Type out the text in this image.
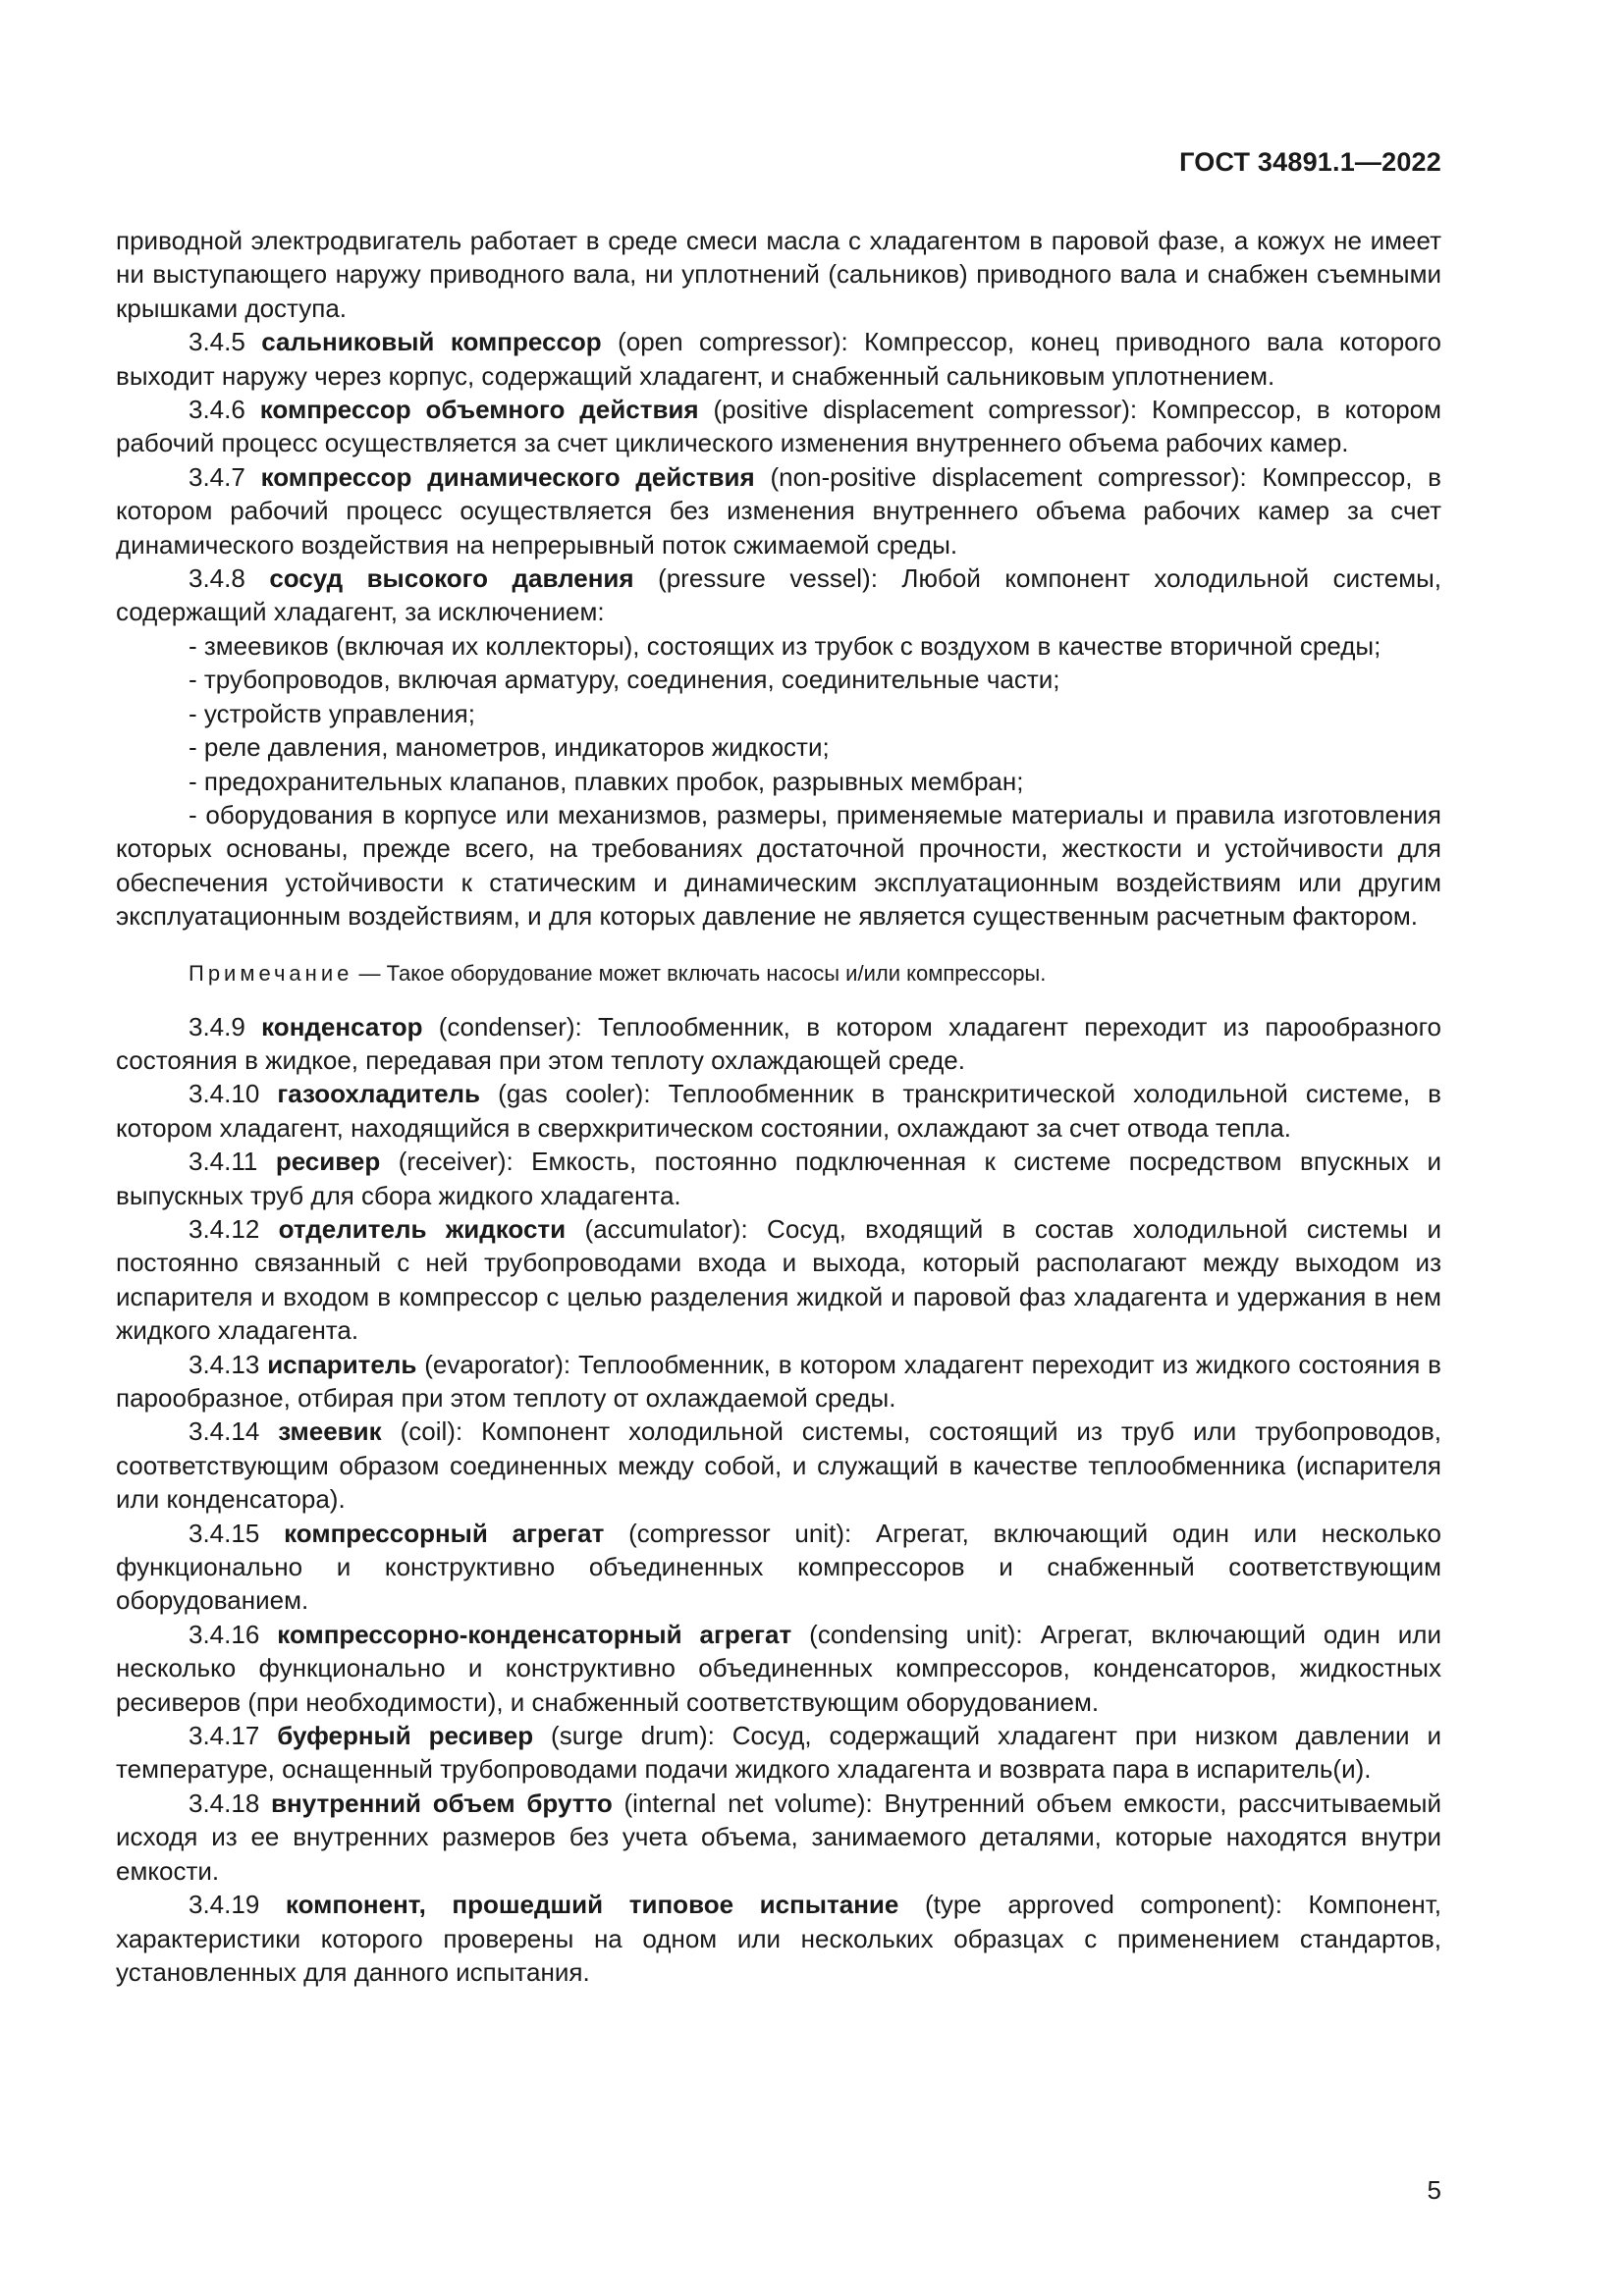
ГОСТ 34891.1—2022

приводной электродвигатель работает в среде смеси масла с хладагентом в паровой фазе, а кожух не имеет ни выступающего наружу приводного вала, ни уплотнений (сальников) приводного вала и снабжен съемными крышками доступа.

3.4.5 сальниковый компрессор (open compressor): Компрессор, конец приводного вала которого выходит наружу через корпус, содержащий хладагент, и снабженный сальниковым уплотнением.

3.4.6 компрессор объемного действия (positive displacement compressor): Компрессор, в котором рабочий процесс осуществляется за счет циклического изменения внутреннего объема рабочих камер.

3.4.7 компрессор динамического действия (non-positive displacement compressor): Компрессор, в котором рабочий процесс осуществляется без изменения внутреннего объема рабочих камер за счет динамического воздействия на непрерывный поток сжимаемой среды.

3.4.8 сосуд высокого давления (pressure vessel): Любой компонент холодильной системы, содержащий хладагент, за исключением:

- змеевиков (включая их коллекторы), состоящих из трубок с воздухом в качестве вторичной среды;

- трубопроводов, включая арматуру, соединения, соединительные части;

- устройств управления;

- реле давления, манометров, индикаторов жидкости;

- предохранительных клапанов, плавких пробок, разрывных мембран;

- оборудования в корпусе или механизмов, размеры, применяемые материалы и правила изготовления которых основаны, прежде всего, на требованиях достаточной прочности, жесткости и устойчивости для обеспечения устойчивости к статическим и динамическим эксплуатационным воздействиям или другим эксплуатационным воздействиям, и для которых давление не является существенным расчетным фактором.

Примечание — Такое оборудование может включать насосы и/или компрессоры.

3.4.9 конденсатор (condenser): Теплообменник, в котором хладагент переходит из парообразного состояния в жидкое, передавая при этом теплоту охлаждающей среде.

3.4.10 газоохладитель (gas cooler): Теплообменник в транскритической холодильной системе, в котором хладагент, находящийся в сверхкритическом состоянии, охлаждают за счет отвода тепла.

3.4.11 ресивер (receiver): Емкость, постоянно подключенная к системе посредством впускных и выпускных труб для сбора жидкого хладагента.

3.4.12 отделитель жидкости (accumulator): Сосуд, входящий в состав холодильной системы и постоянно связанный с ней трубопроводами входа и выхода, который располагают между выходом из испарителя и входом в компрессор с целью разделения жидкой и паровой фаз хладагента и удержания в нем жидкого хладагента.

3.4.13 испаритель (evaporator): Теплообменник, в котором хладагент переходит из жидкого состояния в парообразное, отбирая при этом теплоту от охлаждаемой среды.

3.4.14 змеевик (coil): Компонент холодильной системы, состоящий из труб или трубопроводов, соответствующим образом соединенных между собой, и служащий в качестве теплообменника (испарителя или конденсатора).

3.4.15 компрессорный агрегат (compressor unit): Агрегат, включающий один или несколько функционально и конструктивно объединенных компрессоров и снабженный соответствующим оборудованием.

3.4.16 компрессорно-конденсаторный агрегат (condensing unit): Агрегат, включающий один или несколько функционально и конструктивно объединенных компрессоров, конденсаторов, жидкостных ресиверов (при необходимости), и снабженный соответствующим оборудованием.

3.4.17 буферный ресивер (surge drum): Сосуд, содержащий хладагент при низком давлении и температуре, оснащенный трубопроводами подачи жидкого хладагента и возврата пара в испаритель(и).

3.4.18 внутренний объем брутто (internal net volume): Внутренний объем емкости, рассчитываемый исходя из ее внутренних размеров без учета объема, занимаемого деталями, которые находятся внутри емкости.

3.4.19 компонент, прошедший типовое испытание (type approved component): Компонент, характеристики которого проверены на одном или нескольких образцах с применением стандартов, установленных для данного испытания.

5
